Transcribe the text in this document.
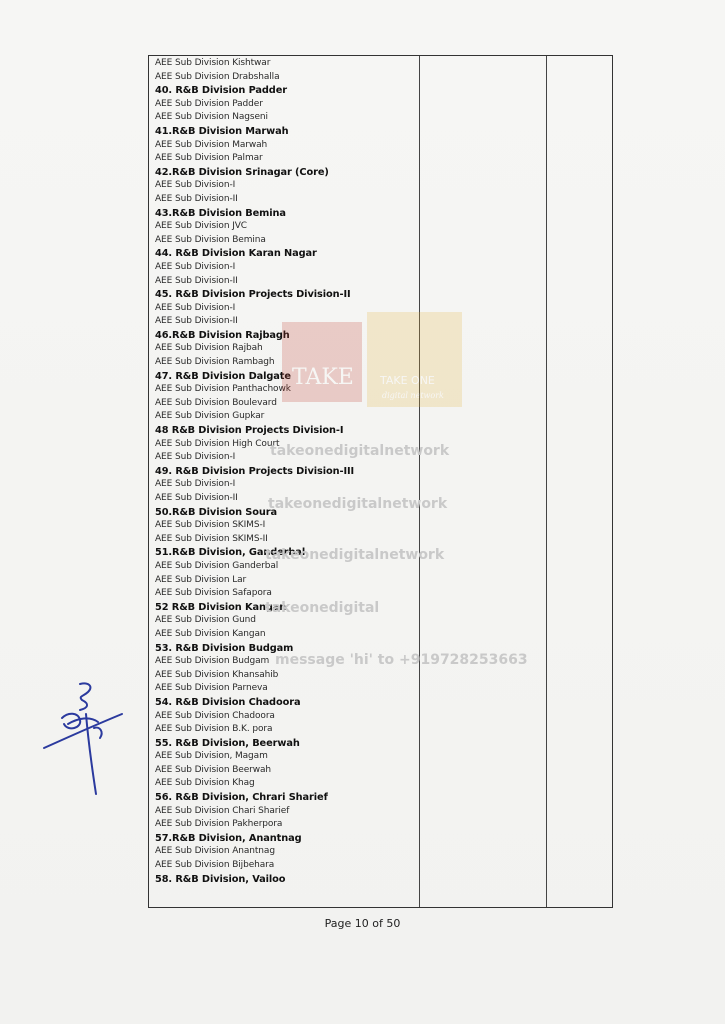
AEE Sub Division Kishtwar
AEE Sub Division Drabshalla
40. R&B Division Padder
AEE Sub Division Padder
AEE Sub Division Nagseni
41.R&B Division Marwah
AEE Sub Division Marwah
AEE Sub Division Palmar
42.R&B Division Srinagar (Core)
AEE Sub Division-I
AEE Sub Division-II
43.R&B Division Bemina
AEE Sub Division JVC
AEE Sub Division Bemina
44. R&B Division Karan Nagar
AEE Sub Division-I
AEE Sub Division-II
45. R&B Division Projects Division-II
AEE Sub Division-I
AEE Sub Division-II
46.R&B Division Rajbagh
AEE Sub Division Rajbah
AEE Sub Division Rambagh
47. R&B Division Dalgate
AEE Sub Division Panthachowk
AEE Sub Division Boulevard
AEE Sub Division Gupkar
48 R&B Division Projects Division-I
AEE Sub Division High Court
AEE Sub Division-I
49. R&B Division Projects Division-III
AEE Sub Division-I
AEE Sub Division-II
50.R&B Division Soura
AEE Sub Division SKIMS-I
AEE Sub Division SKIMS-II
51.R&B Division, Ganderbal
AEE Sub Division Ganderbal
AEE Sub Division Lar
AEE Sub Division Safapora
52 R&B Division Kangan
AEE Sub Division Gund
AEE Sub Division Kangan
53. R&B Division Budgam
AEE Sub Division Budgam
AEE Sub Division Khansahib
AEE Sub Division Parneva
54. R&B Division Chadoora
AEE Sub Division Chadoora
AEE Sub Division B.K. pora
55. R&B Division, Beerwah
AEE Sub Division, Magam
AEE Sub Division Beerwah
AEE Sub Division Khag
56. R&B Division, Chrari Sharief
AEE Sub Division Chari Sharief
AEE Sub Division Pakherpora
57.R&B Division, Anantnag
AEE Sub Division Anantnag
AEE Sub Division Bijbehara
58. R&B Division, Vailoo
TAKE TAKE ONE
digital network
takeonedigitalnetwork
takeonedigitalnetwork
takeonedigitalnetwork
takeonedigital
message 'hi' to +919728253663
Page 10 of 50
